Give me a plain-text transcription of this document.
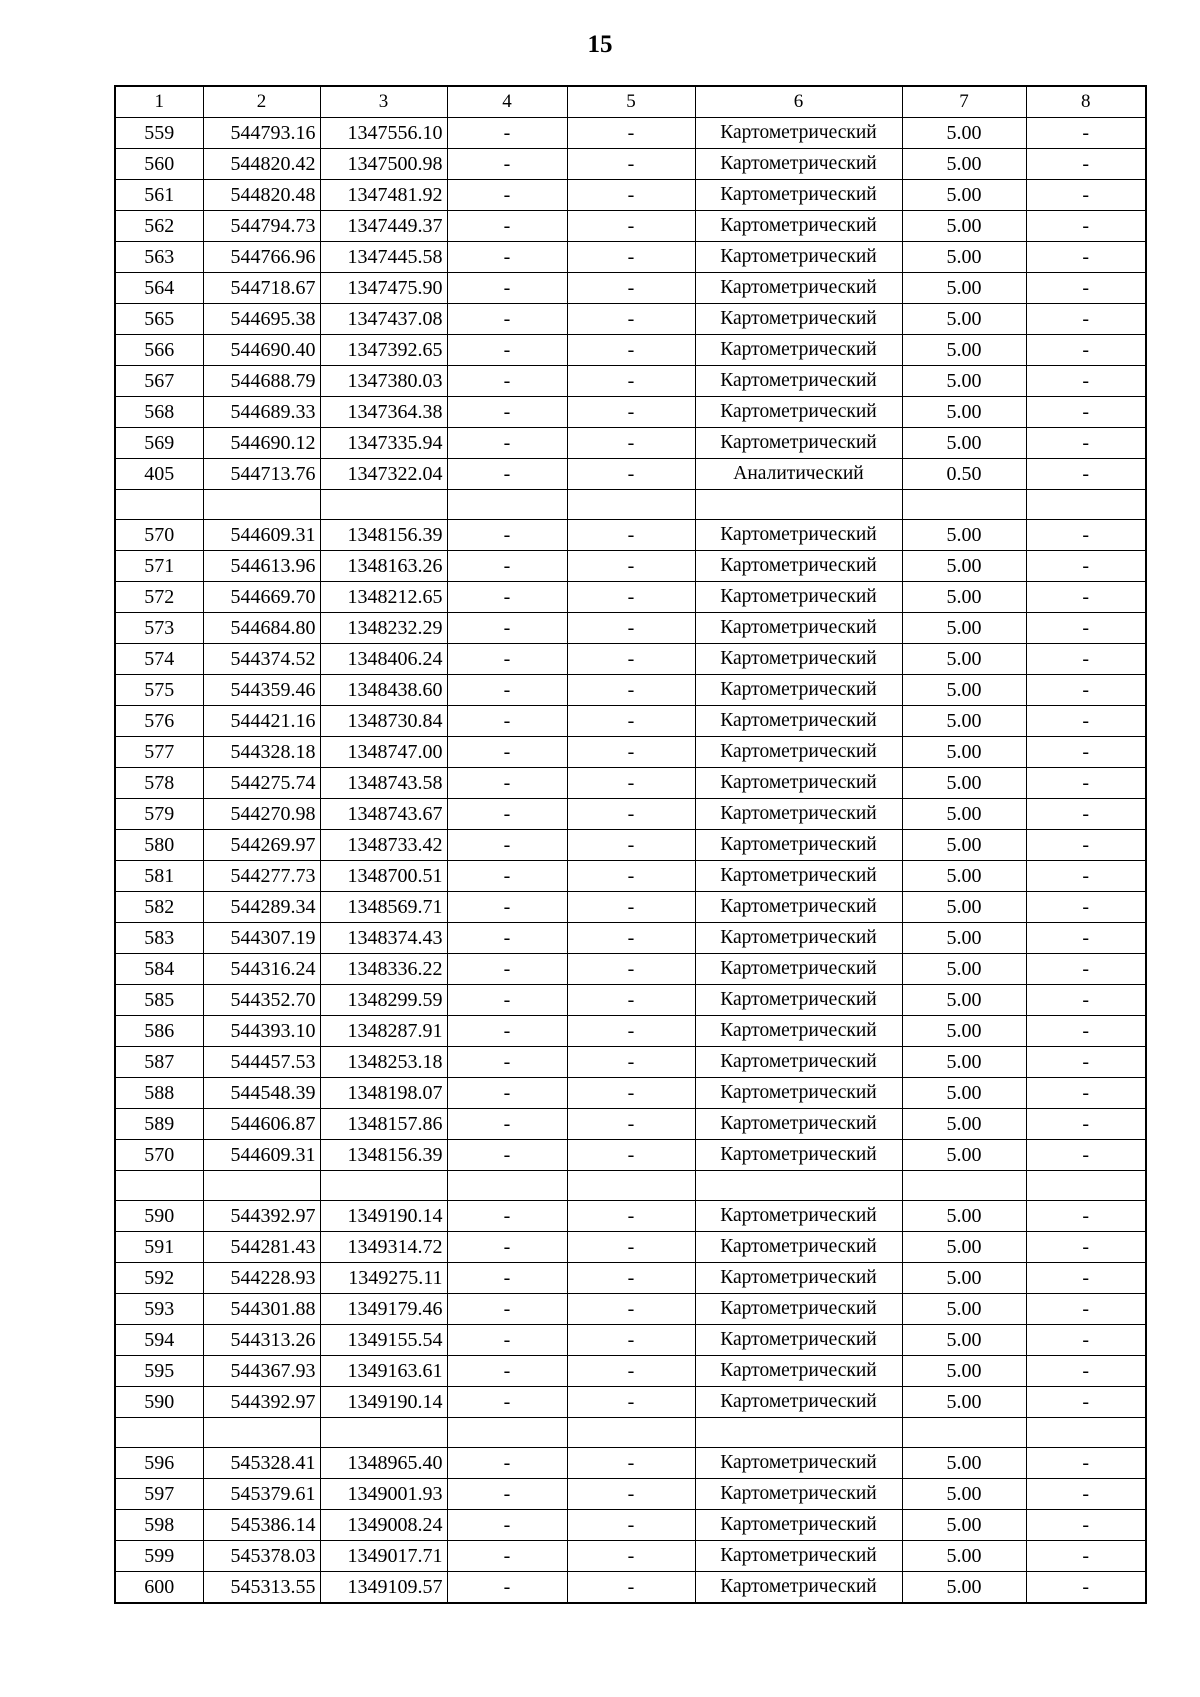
15
1	2	3	4	5	6	7	8
559	544793.16	1347556.10	-	-	Картометрический	5.00	-
560	544820.42	1347500.98	-	-	Картометрический	5.00	-
561	544820.48	1347481.92	-	-	Картометрический	5.00	-
562	544794.73	1347449.37	-	-	Картометрический	5.00	-
563	544766.96	1347445.58	-	-	Картометрический	5.00	-
564	544718.67	1347475.90	-	-	Картометрический	5.00	-
565	544695.38	1347437.08	-	-	Картометрический	5.00	-
566	544690.40	1347392.65	-	-	Картометрический	5.00	-
567	544688.79	1347380.03	-	-	Картометрический	5.00	-
568	544689.33	1347364.38	-	-	Картометрический	5.00	-
569	544690.12	1347335.94	-	-	Картометрический	5.00	-
405	544713.76	1347322.04	-	-	Аналитический	0.50	-

570	544609.31	1348156.39	-	-	Картометрический	5.00	-
571	544613.96	1348163.26	-	-	Картометрический	5.00	-
572	544669.70	1348212.65	-	-	Картометрический	5.00	-
573	544684.80	1348232.29	-	-	Картометрический	5.00	-
574	544374.52	1348406.24	-	-	Картометрический	5.00	-
575	544359.46	1348438.60	-	-	Картометрический	5.00	-
576	544421.16	1348730.84	-	-	Картометрический	5.00	-
577	544328.18	1348747.00	-	-	Картометрический	5.00	-
578	544275.74	1348743.58	-	-	Картометрический	5.00	-
579	544270.98	1348743.67	-	-	Картометрический	5.00	-
580	544269.97	1348733.42	-	-	Картометрический	5.00	-
581	544277.73	1348700.51	-	-	Картометрический	5.00	-
582	544289.34	1348569.71	-	-	Картометрический	5.00	-
583	544307.19	1348374.43	-	-	Картометрический	5.00	-
584	544316.24	1348336.22	-	-	Картометрический	5.00	-
585	544352.70	1348299.59	-	-	Картометрический	5.00	-
586	544393.10	1348287.91	-	-	Картометрический	5.00	-
587	544457.53	1348253.18	-	-	Картометрический	5.00	-
588	544548.39	1348198.07	-	-	Картометрический	5.00	-
589	544606.87	1348157.86	-	-	Картометрический	5.00	-
570	544609.31	1348156.39	-	-	Картометрический	5.00	-

590	544392.97	1349190.14	-	-	Картометрический	5.00	-
591	544281.43	1349314.72	-	-	Картометрический	5.00	-
592	544228.93	1349275.11	-	-	Картометрический	5.00	-
593	544301.88	1349179.46	-	-	Картометрический	5.00	-
594	544313.26	1349155.54	-	-	Картометрический	5.00	-
595	544367.93	1349163.61	-	-	Картометрический	5.00	-
590	544392.97	1349190.14	-	-	Картометрический	5.00	-

596	545328.41	1348965.40	-	-	Картометрический	5.00	-
597	545379.61	1349001.93	-	-	Картометрический	5.00	-
598	545386.14	1349008.24	-	-	Картометрический	5.00	-
599	545378.03	1349017.71	-	-	Картометрический	5.00	-
600	545313.55	1349109.57	-	-	Картометрический	5.00	-
